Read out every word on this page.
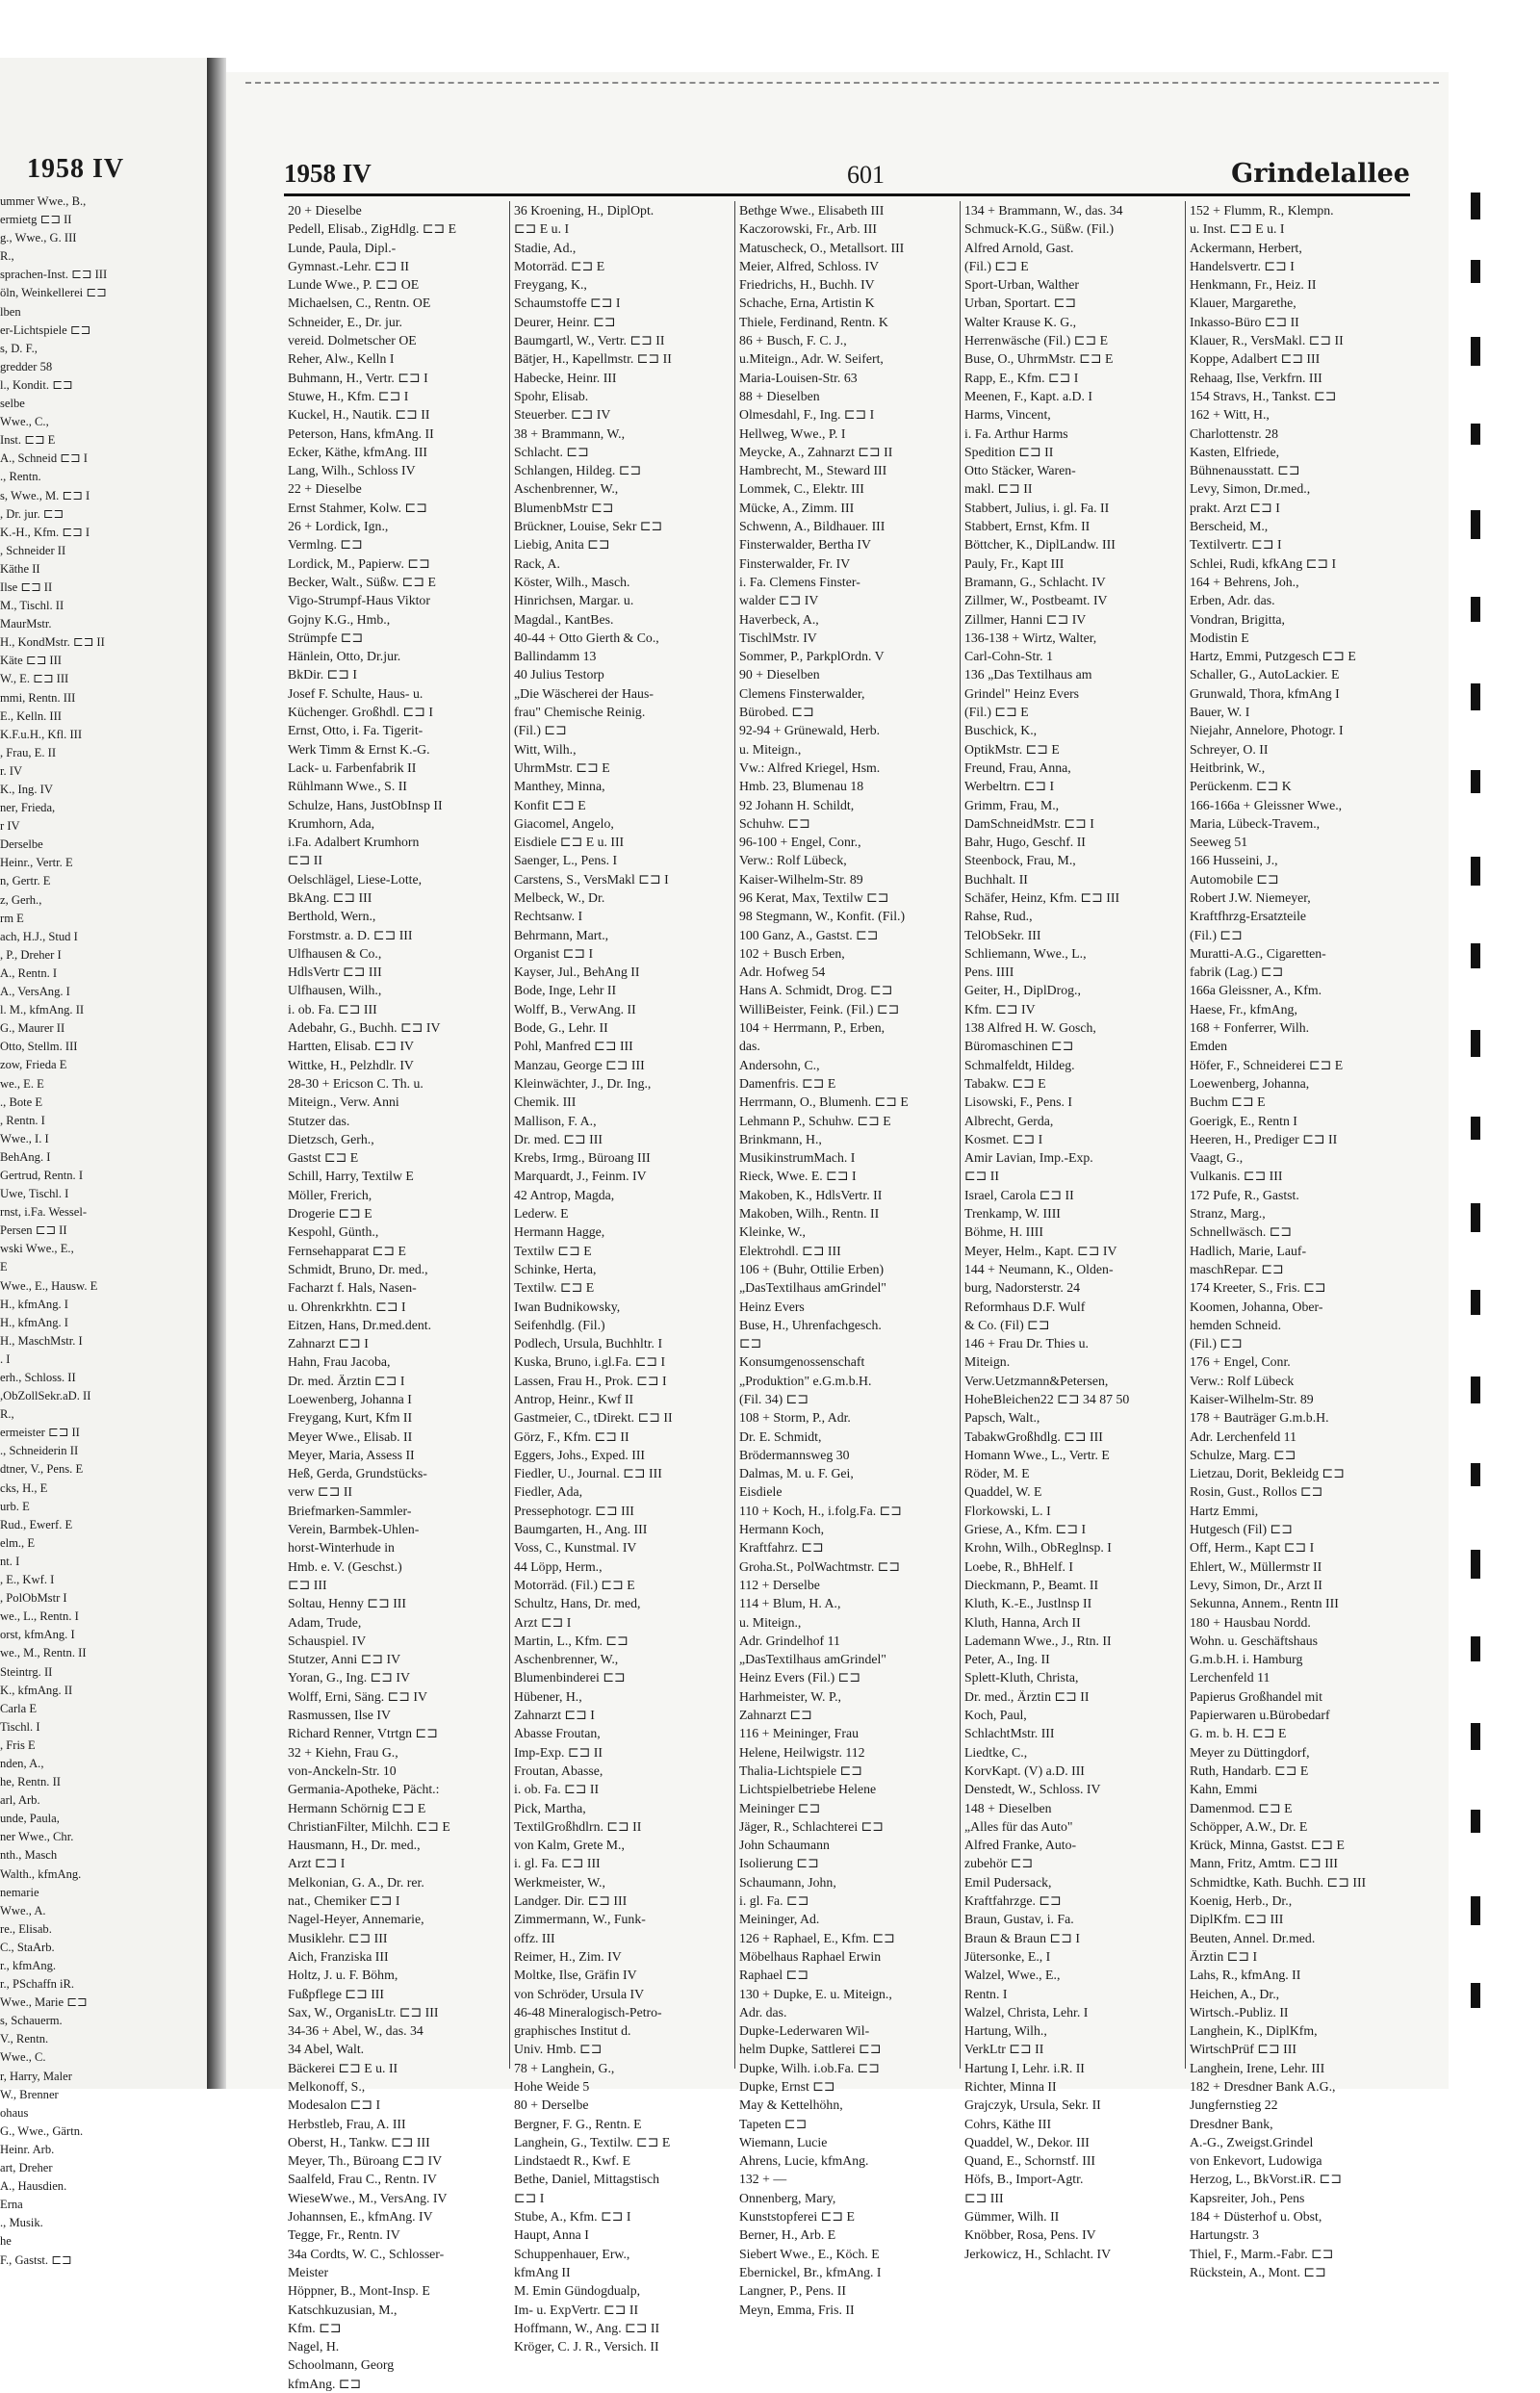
1958 IV
ummer Wwe., B.,
ermietg ⊏⊐ II
g., Wwe., G. III
R.,
sprachen-Inst. ⊏⊐ III
öln, Weinkellerei ⊏⊐
lben
er-Lichtspiele ⊏⊐
s, D. F.,
gredder 58
l., Kondit. ⊏⊐
selbe
Wwe., C.,
Inst. ⊏⊐ E
A., Schneid ⊏⊐ I
., Rentn.
s, Wwe., M. ⊏⊐ I
, Dr. jur. ⊏⊐
K.-H., Kfm. ⊏⊐ I
, Schneider II
Käthe II
Ilse ⊏⊐ II
M., Tischl. II
MaurMstr.
H., KondMstr. ⊏⊐ II
Käte ⊏⊐ III
W., E. ⊏⊐ III
mmi, Rentn. III
E., Kelln. III
K.F.u.H., Kfl. III
, Frau, E. II
r. IV
K., Ing. IV
ner, Frieda,
r IV
Derselbe
Heinr., Vertr. E
n, Gertr. E
z, Gerh.,
rm E
ach, H.J., Stud I
, P., Dreher I
A., Rentn. I
A., VersAng. I
l. M., kfmAng. II
G., Maurer II
Otto, Stellm. III
zow, Frieda E
we., E. E
., Bote E
, Rentn. I
Wwe., I. I
BehAng. I
Gertrud, Rentn. I
Uwe, Tischl. I
rnst, i.Fa. Wessel-
Persen ⊏⊐ II
wski Wwe., E.,
E
Wwe., E., Hausw. E
H., kfmAng. I
H., kfmAng. I
H., MaschMstr. I
. I
erh., Schloss. II
,ObZollSekr.aD. II
R.,
ermeister ⊏⊐ II
., Schneiderin II
dtner, V., Pens. E
cks, H., E
urb. E
Rud., Ewerf. E
elm., E
nt. I
, E., Kwf. I
, PolObMstr I
we., L., Rentn. I
orst, kfmAng. I
we., M., Rentn. II
Steintrg. II
K., kfmAng. II
Carla E
Tischl. I
, Fris E
nden, A.,
he, Rentn. II
arl, Arb.
unde, Paula,
ner Wwe., Chr.
nth., Masch
Walth., kfmAng.
nemarie
Wwe., A.
re., Elisab.
C., StaArb.
r., kfmAng.
r., PSchaffn iR.
Wwe., Marie ⊏⊐
s, Schauerm.
V., Rentn.
Wwe., C.
r, Harry, Maler
W., Brenner
ohaus
G., Wwe., Gärtn.
Heinr. Arb.
art, Dreher
A., Hausdien.
Erna
., Musik.
he
F., Gastst. ⊏⊐
1958 IV	601	Grindelallee
20 + Dieselbe
Pedell, Elisab., ZigHdlg. ⊏⊐ E
Lunde, Paula, Dipl.-
Gymnast.-Lehr. ⊏⊐ II
Lunde Wwe., P. ⊏⊐ OE
Michaelsen, C., Rentn. OE
Schneider, E., Dr. jur.
vereid. Dolmetscher OE
Reher, Alw., Kelln I
Buhmann, H., Vertr. ⊏⊐ I
Stuwe, H., Kfm. ⊏⊐ I
Kuckel, H., Nautik. ⊏⊐ II
Peterson, Hans, kfmAng. II
Ecker, Käthe, kfmAng. III
Lang, Wilh., Schloss IV
22 + Dieselbe
Ernst Stahmer, Kolw. ⊏⊐
26 + Lordick, Ign.,
Vermlng. ⊏⊐
Lordick, M., Papierw. ⊏⊐
Becker, Walt., Süßw. ⊏⊐ E
Vigo-Strumpf-Haus Viktor
Gojny K.G., Hmb.,
Strümpfe ⊏⊐
Hänlein, Otto, Dr.jur.
BkDir. ⊏⊐ I
Josef F. Schulte, Haus- u.
Küchenger. Großhdl. ⊏⊐ I
Ernst, Otto, i. Fa. Tigerit-
Werk Timm & Ernst K.-G.
Lack- u. Farbenfabrik II
Rühlmann Wwe., S. II
Schulze, Hans, JustObInsp II
Krumhorn, Ada,
i.Fa. Adalbert Krumhorn
⊏⊐ II
Oelschlägel, Liese-Lotte,
BkAng. ⊏⊐ III
Berthold, Wern.,
Forstmstr. a. D. ⊏⊐ III
Ulfhausen & Co.,
HdlsVertr ⊏⊐ III
Ulfhausen, Wilh.,
i. ob. Fa. ⊏⊐ III
Adebahr, G., Buchh. ⊏⊐ IV
Hartten, Elisab. ⊏⊐ IV
Wittke, H., Pelzhdlr. IV
28-30 + Ericson C. Th. u.
Miteign., Verw. Anni
Stutzer das.
Dietzsch, Gerh.,
Gastst ⊏⊐ E
Schill, Harry, Textilw E
Möller, Frerich,
Drogerie ⊏⊐ E
Kespohl, Günth.,
Fernsehapparat ⊏⊐ E
Schmidt, Bruno, Dr. med.,
Facharzt f. Hals, Nasen-
u. Ohrenkrkhtn. ⊏⊐ I
Eitzen, Hans, Dr.med.dent.
Zahnarzt ⊏⊐ I
Hahn, Frau Jacoba,
Dr. med. Ärztin ⊏⊐ I
Loewenberg, Johanna I
Freygang, Kurt, Kfm II
Meyer Wwe., Elisab. II
Meyer, Maria, Assess II
Heß, Gerda, Grundstücks-
verw ⊏⊐ II
Briefmarken-Sammler-
Verein, Barmbek-Uhlen-
horst-Winterhude in
Hmb. e. V. (Geschst.)
⊏⊐ III
Soltau, Henny ⊏⊐ III
Adam, Trude,
Schauspiel. IV
Stutzer, Anni ⊏⊐ IV
Yoran, G., Ing. ⊏⊐ IV
Wolff, Erni, Säng. ⊏⊐ IV
Rasmussen, Ilse IV
Richard Renner, Vtrtgn ⊏⊐
32 + Kiehn, Frau G.,
von-Anckeln-Str. 10
Germania-Apotheke, Pächt.:
Hermann Schörnig ⊏⊐ E
ChristianFilter, Milchh. ⊏⊐ E
Hausmann, H., Dr. med.,
Arzt ⊏⊐ I
Melkonian, G. A., Dr. rer.
nat., Chemiker ⊏⊐ I
Nagel-Heyer, Annemarie,
Musiklehr. ⊏⊐ III
Aich, Franziska III
Holtz, J. u. F. Böhm,
Fußpflege ⊏⊐ III
Sax, W., OrganisLtr. ⊏⊐ III
34-36 + Abel, W., das. 34
34 Abel, Walt.
Bäckerei ⊏⊐ E u. II
Melkonoff, S.,
Modesalon ⊏⊐ I
Herbstleb, Frau, A. III
Oberst, H., Tankw. ⊏⊐ III
Meyer, Th., Büroang ⊏⊐ IV
Saalfeld, Frau C., Rentn. IV
WieseWwe., M., VersAng. IV
Johannsen, E., kfmAng. IV
Tegge, Fr., Rentn. IV
34a Cordts, W. C., Schlosser-
Meister
Höppner, B., Mont-Insp. E
Katschkuzusian, M.,
Kfm. ⊏⊐
Nagel, H.
Schoolmann, Georg
kfmAng. ⊏⊐
36 Kroening, H., DiplOpt.
⊏⊐ E u. I
Stadie, Ad.,
Motorräd. ⊏⊐ E
Freygang, K.,
Schaumstoffe ⊏⊐ I
Deurer, Heinr. ⊏⊐
Baumgartl, W., Vertr. ⊏⊐ II
Bätjer, H., Kapellmstr. ⊏⊐ II
Habecke, Heinr. III
Spohr, Elisab.
Steuerber. ⊏⊐ IV
38 + Brammann, W.,
Schlacht. ⊏⊐
Schlangen, Hildeg. ⊏⊐
Aschenbrenner, W.,
BlumenbMstr ⊏⊐
Brückner, Louise, Sekr ⊏⊐
Liebig, Anita ⊏⊐
Rack, A.
Köster, Wilh., Masch.
Hinrichsen, Margar. u.
Magdal., KantBes.
40-44 + Otto Gierth & Co.,
Ballindamm 13
40 Julius Testorp
„Die Wäscherei der Haus-
frau" Chemische Reinig.
(Fil.) ⊏⊐
Witt, Wilh.,
UhrmMstr. ⊏⊐ E
Manthey, Minna,
Konfit ⊏⊐ E
Giacomel, Angelo,
Eisdiele ⊏⊐ E u. III
Saenger, L., Pens. I
Carstens, S., VersMakl ⊏⊐ I
Melbeck, W., Dr.
Rechtsanw. I
Behrmann, Mart.,
Organist ⊏⊐ I
Kayser, Jul., BehAng II
Bode, Inge, Lehr II
Wolff, B., VerwAng. II
Bode, G., Lehr. II
Pohl, Manfred ⊏⊐ III
Manzau, George ⊏⊐ III
Kleinwächter, J., Dr. Ing.,
Chemik. III
Mallison, F. A.,
Dr. med. ⊏⊐ III
Krebs, Irmg., Büroang III
Marquardt, J., Feinm. IV
42 Antrop, Magda,
Lederw. E
Hermann Hagge,
Textilw ⊏⊐ E
Schinke, Herta,
Textilw. ⊏⊐ E
Iwan Budnikowsky,
Seifenhdlg. (Fil.)
Podlech, Ursula, Buchhltr. I
Kuska, Bruno, i.gl.Fa. ⊏⊐ I
Lassen, Frau H., Prok. ⊏⊐ I
Antrop, Heinr., Kwf II
Gastmeier, C., tDirekt. ⊏⊐ II
Görz, F., Kfm. ⊏⊐ II
Eggers, Johs., Exped. III
Fiedler, U., Journal. ⊏⊐ III
Fiedler, Ada,
Pressephotogr. ⊏⊐ III
Baumgarten, H., Ang. III
Voss, C., Kunstmal. IV
44 Löpp, Herm.,
Motorräd. (Fil.) ⊏⊐ E
Schultz, Hans, Dr. med,
Arzt ⊏⊐ I
Martin, L., Kfm. ⊏⊐
Aschenbrenner, W.,
Blumenbinderei ⊏⊐
Hübener, H.,
Zahnarzt ⊏⊐ I
Abasse Froutan,
Imp-Exp. ⊏⊐ II
Froutan, Abasse,
i. ob. Fa. ⊏⊐ II
Pick, Martha,
TextilGroßhdlrn. ⊏⊐ II
von Kalm, Grete M.,
i. gl. Fa. ⊏⊐ III
Werkmeister, W.,
Landger. Dir. ⊏⊐ III
Zimmermann, W., Funk-
offz. III
Reimer, H., Zim. IV
Moltke, Ilse, Gräfin IV
von Schröder, Ursula IV
46-48 Mineralogisch-Petro-
graphisches Institut d.
Univ. Hmb. ⊏⊐
78 + Langhein, G.,
Hohe Weide 5
80 + Derselbe
Bergner, F. G., Rentn. E
Langhein, G., Textilw. ⊏⊐ E
Lindstaedt R., Kwf. E
Bethe, Daniel, Mittagstisch
⊏⊐ I
Stube, A., Kfm. ⊏⊐ I
Haupt, Anna I
Schuppenhauer, Erw.,
kfmAng II
M. Emin Gündogdualp,
Im- u. ExpVertr. ⊏⊐ II
Hoffmann, W., Ang. ⊏⊐ II
Kröger, C. J. R., Versich. II
Bethge Wwe., Elisabeth III
Kaczorowski, Fr., Arb. III
Matuscheck, O., Metallsort. III
Meier, Alfred, Schloss. IV
Friedrichs, H., Buchh. IV
Schache, Erna, Artistin K
Thiele, Ferdinand, Rentn. K
86 + Busch, F. C. J.,
u.Miteign., Adr. W. Seifert,
Maria-Louisen-Str. 63
88 + Dieselben
Olmesdahl, F., Ing. ⊏⊐ I
Hellweg, Wwe., P. I
Meycke, A., Zahnarzt ⊏⊐ II
Hambrecht, M., Steward III
Lommek, C., Elektr. III
Mücke, A., Zimm. III
Schwenn, A., Bildhauer. III
Finsterwalder, Bertha IV
Finsterwalder, Fr. IV
i. Fa. Clemens Finster-
walder ⊏⊐ IV
Haverbeck, A.,
TischlMstr. IV
Sommer, P., ParkplOrdn. V
90 + Dieselben
Clemens Finsterwalder,
Bürobed. ⊏⊐
92-94 + Grünewald, Herb.
u. Miteign.,
Vw.: Alfred Kriegel, Hsm.
Hmb. 23, Blumenau 18
92 Johann H. Schildt,
Schuhw. ⊏⊐
96-100 + Engel, Conr.,
Verw.: Rolf Lübeck,
Kaiser-Wilhelm-Str. 89
96 Kerat, Max, Textilw ⊏⊐
98 Stegmann, W., Konfit. (Fil.)
100 Ganz, A., Gastst. ⊏⊐
102 + Busch Erben,
Adr. Hofweg 54
Hans A. Schmidt, Drog. ⊏⊐
WilliBeister, Feink. (Fil.) ⊏⊐
104 + Herrmann, P., Erben,
das.
Andersohn, C.,
Damenfris. ⊏⊐ E
Herrmann, O., Blumenh. ⊏⊐ E
Lehmann P., Schuhw. ⊏⊐ E
Brinkmann, H.,
MusikinstrumMach. I
Rieck, Wwe. E. ⊏⊐ I
Makoben, K., HdlsVertr. II
Makoben, Wilh., Rentn. II
Kleinke, W.,
Elektrohdl. ⊏⊐ III
106 + (Buhr, Ottilie Erben)
„DasTextilhaus amGrindel"
Heinz Evers
Buse, H., Uhrenfachgesch.
⊏⊐
Konsumgenossenschaft
„Produktion" e.G.m.b.H.
(Fil. 34) ⊏⊐
108 + Storm, P., Adr.
Dr. E. Schmidt,
Brödermannsweg 30
Dalmas, M. u. F. Gei,
Eisdiele
110 + Koch, H., i.folg.Fa. ⊏⊐
Hermann Koch,
Kraftfahrz. ⊏⊐
Groha.St., PolWachtmstr. ⊏⊐
112 + Derselbe
114 + Blum, H. A.,
u. Miteign.,
Adr. Grindelhof 11
„DasTextilhaus amGrindel"
Heinz Evers (Fil.) ⊏⊐
Harhmeister, W. P.,
Zahnarzt ⊏⊐
116 + Meininger, Frau
Helene, Heilwigstr. 112
Thalia-Lichtspiele ⊏⊐
Lichtspielbetriebe Helene
Meininger ⊏⊐
Jäger, R., Schlachterei ⊏⊐
John Schaumann
Isolierung ⊏⊐
Schaumann, John,
i. gl. Fa. ⊏⊐
Meininger, Ad.
126 + Raphael, E., Kfm. ⊏⊐
Möbelhaus Raphael Erwin
Raphael ⊏⊐
130 + Dupke, E. u. Miteign.,
Adr. das.
Dupke-Lederwaren Wil-
helm Dupke, Sattlerei ⊏⊐
Dupke, Wilh. i.ob.Fa. ⊏⊐
Dupke, Ernst ⊏⊐
May & Kettelhöhn,
Tapeten ⊏⊐
Wiemann, Lucie
Ahrens, Lucie, kfmAng.
132 + —
Onnenberg, Mary,
Kunststopferei ⊏⊐ E
Berner, H., Arb. E
Siebert Wwe., E., Köch. E
Ebernickel, Br., kfmAng. I
Langner, P., Pens. II
Meyn, Emma, Fris. II
134 + Brammann, W., das. 34
Schmuck-K.G., Süßw. (Fil.)
Alfred Arnold, Gast.
(Fil.) ⊏⊐ E
Sport-Urban, Walther
Urban, Sportart. ⊏⊐
Walter Krause K. G.,
Herrenwäsche (Fil.) ⊏⊐ E
Buse, O., UhrmMstr. ⊏⊐ E
Rapp, E., Kfm. ⊏⊐ I
Meenen, F., Kapt. a.D. I
Harms, Vincent,
i. Fa. Arthur Harms
Spedition ⊏⊐ II
Otto Stäcker, Waren-
makl. ⊏⊐ II
Stabbert, Julius, i. gl. Fa. II
Stabbert, Ernst, Kfm. II
Böttcher, K., DiplLandw. III
Pauly, Fr., Kapt III
Bramann, G., Schlacht. IV
Zillmer, W., Postbeamt. IV
Zillmer, Hanni ⊏⊐ IV
136-138 + Wirtz, Walter,
Carl-Cohn-Str. 1
136 „Das Textilhaus am
Grindel" Heinz Evers
(Fil.) ⊏⊐ E
Buschick, K.,
OptikMstr. ⊏⊐ E
Freund, Frau, Anna,
Werbeltrn. ⊏⊐ I
Grimm, Frau, M.,
DamSchneidMstr. ⊏⊐ I
Bahr, Hugo, Geschf. II
Steenbock, Frau, M.,
Buchhalt. II
Schäfer, Heinz, Kfm. ⊏⊐ III
Rahse, Rud.,
TelObSekr. III
Schliemann, Wwe., L.,
Pens. IIII
Geiter, H., DiplDrog.,
Kfm. ⊏⊐ IV
138 Alfred H. W. Gosch,
Büromaschinen ⊏⊐
Schmalfeldt, Hildeg.
Tabakw. ⊏⊐ E
Lisowski, F., Pens. I
Albrecht, Gerda,
Kosmet. ⊏⊐ I
Amir Lavian, Imp.-Exp.
⊏⊐ II
Israel, Carola ⊏⊐ II
Trenkamp, W. IIII
Böhme, H. IIII
Meyer, Helm., Kapt. ⊏⊐ IV
144 + Neumann, K., Olden-
burg, Nadorsterstr. 24
Reformhaus D.F. Wulf
& Co. (Fil) ⊏⊐
146 + Frau Dr. Thies u.
Miteign.
Verw.Uetzmann&Petersen,
HoheBleichen22 ⊏⊐ 34 87 50
Papsch, Walt.,
TabakwGroßhdlg. ⊏⊐ III
Homann Wwe., L., Vertr. E
Röder, M. E
Quaddel, W. E
Florkowski, L. I
Griese, A., Kfm. ⊏⊐ I
Krohn, Wilh., ObReglnsp. I
Loebe, R., BhHelf. I
Dieckmann, P., Beamt. II
Kluth, K.-E., Justlnsp II
Kluth, Hanna, Arch II
Lademann Wwe., J., Rtn. II
Peter, A., Ing. II
Splett-Kluth, Christa,
Dr. med., Ärztin ⊏⊐ II
Koch, Paul,
SchlachtMstr. III
Liedtke, C.,
KorvKapt. (V) a.D. III
Denstedt, W., Schloss. IV
148 + Dieselben
„Alles für das Auto"
Alfred Franke, Auto-
zubehör ⊏⊐
Emil Pudersack,
Kraftfahrzge. ⊏⊐
Braun, Gustav, i. Fa.
Braun & Braun ⊏⊐ I
Jütersonke, E., I
Walzel, Wwe., E.,
Rentn. I
Walzel, Christa, Lehr. I
Hartung, Wilh.,
VerkLtr ⊏⊐ II
Hartung I, Lehr. i.R. II
Richter, Minna II
Grajczyk, Ursula, Sekr. II
Cohrs, Käthe III
Quaddel, W., Dekor. III
Quand, E., Schornstf. III
Höfs, B., Import-Agtr.
⊏⊐ III
Gümmer, Wilh. II
Knöbber, Rosa, Pens. IV
Jerkowicz, H., Schlacht. IV
152 + Flumm, R., Klempn.
u. Inst. ⊏⊐ E u. I
Ackermann, Herbert,
Handelsvertr. ⊏⊐ I
Henkmann, Fr., Heiz. II
Klauer, Margarethe,
Inkasso-Büro ⊏⊐ II
Klauer, R., VersMakl. ⊏⊐ II
Koppe, Adalbert ⊏⊐ III
Rehaag, Ilse, Verkfrn. III
154 Stravs, H., Tankst. ⊏⊐
162 + Witt, H.,
Charlottenstr. 28
Kasten, Elfriede,
Bühnenausstatt. ⊏⊐
Levy, Simon, Dr.med.,
prakt. Arzt ⊏⊐ I
Berscheid, M.,
Textilvertr. ⊏⊐ I
Schlei, Rudi, kfkAng ⊏⊐ I
164 + Behrens, Joh.,
Erben, Adr. das.
Vondran, Brigitta,
Modistin E
Hartz, Emmi, Putzgesch ⊏⊐ E
Schaller, G., AutoLackier. E
Grunwald, Thora, kfmAng I
Bauer, W. I
Niejahr, Annelore, Photogr. I
Schreyer, O. II
Heitbrink, W.,
Perückenm. ⊏⊐ K
166-166a + Gleissner Wwe.,
Maria, Lübeck-Travem.,
Seeweg 51
166 Husseini, J.,
Automobile ⊏⊐
Robert J.W. Niemeyer,
Kraftfhrzg-Ersatzteile
(Fil.) ⊏⊐
Muratti-A.G., Cigaretten-
fabrik (Lag.) ⊏⊐
166a Gleissner, A., Kfm.
Haese, Fr., kfmAng,
168 + Fonferrer, Wilh.
Emden
Höfer, F., Schneiderei ⊏⊐ E
Loewenberg, Johanna,
Buchm ⊏⊐ E
Goerigk, E., Rentn I
Heeren, H., Prediger ⊏⊐ II
Vaagt, G.,
Vulkanis. ⊏⊐ III
172 Pufe, R., Gastst.
Stranz, Marg.,
Schnellwäsch. ⊏⊐
Hadlich, Marie, Lauf-
maschRepar. ⊏⊐
174 Kreeter, S., Fris. ⊏⊐
Koomen, Johanna, Ober-
hemden Schneid.
(Fil.) ⊏⊐
176 + Engel, Conr.
Verw.: Rolf Lübeck
Kaiser-Wilhelm-Str. 89
178 + Bauträger G.m.b.H.
Adr. Lerchenfeld 11
Schulze, Marg. ⊏⊐
Lietzau, Dorit, Bekleidg ⊏⊐
Rosin, Gust., Rollos ⊏⊐
Hartz Emmi,
Hutgesch (Fil) ⊏⊐
Off, Herm., Kapt ⊏⊐ I
Ehlert, W., Müllermstr II
Levy, Simon, Dr., Arzt II
Sekunna, Annem., Rentn III
180 + Hausbau Nordd.
Wohn. u. Geschäftshaus
G.m.b.H. i. Hamburg
Lerchenfeld 11
Papierus Großhandel mit
Papierwaren u.Bürobedarf
G. m. b. H. ⊏⊐ E
Meyer zu Düttingdorf,
Ruth, Handarb. ⊏⊐ E
Kahn, Emmi
Damenmod. ⊏⊐ E
Schöpper, A.W., Dr. E
Krück, Minna, Gastst. ⊏⊐ E
Mann, Fritz, Amtm. ⊏⊐ III
Schmidtke, Kath. Buchh. ⊏⊐ III
Koenig, Herb., Dr.,
DiplKfm. ⊏⊐ III
Beuten, Annel. Dr.med.
Ärztin ⊏⊐ I
Lahs, R., kfmAng. II
Heichen, A., Dr.,
Wirtsch.-Publiz. II
Langhein, K., DiplKfm,
WirtschPrüf ⊏⊐ III
Langhein, Irene, Lehr. III
182 + Dresdner Bank A.G.,
Jungfernstieg 22
Dresdner Bank,
A.-G., Zweigst.Grindel
von Enkevort, Ludowiga
Herzog, L., BkVorst.iR. ⊏⊐
Kapsreiter, Joh., Pens
184 + Düsterhof u. Obst,
Hartungstr. 3
Thiel, F., Marm.-Fabr. ⊏⊐
Rückstein, A., Mont. ⊏⊐
